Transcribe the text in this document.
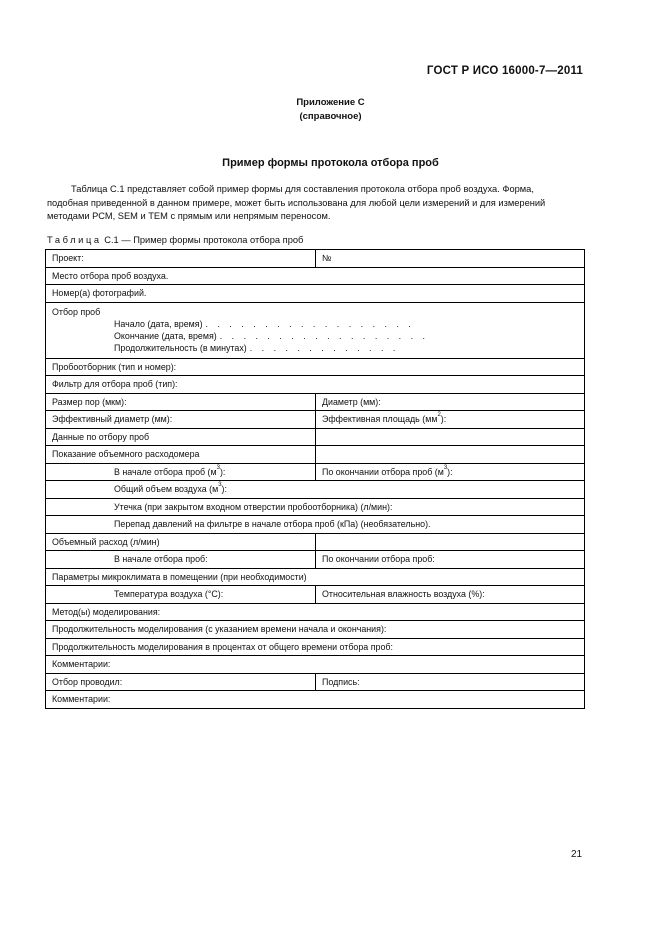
ГОСТ Р ИСО 16000-7—2011
Приложение С
(справочное)
Пример формы протокола отбора проб
Таблица С.1 представляет собой пример формы для составления протокола отбора проб воздуха. Форма,
подобная приведенной в данном примере, может быть использована для любой цели измерений и для измерений
методами РСМ, SEM и ТЕМ с прямым или непрямым переносом.
Таблица С.1 — Пример формы протокола отбора проб
Проект:	№
Место отбора проб воздуха.	
Номер(а) фотографий.	

Отбор проб
Начало (дата, время) . . . . . . . . . . . . . . . . . .
Окончание (дата, время) . . . . . . . . . . . . . . . . . .
Продолжительность (в минутах) . . . . . . . . . . . . .	

Пробоотборник (тип и номер):	
Фильтр для отбора проб (тип):	
Размер пор (мкм):	Диаметр (мм):
Эффективный диаметр (мм):	Эффективная площадь $(мм^2)$:
Данные по отбору проб	
Показание объемного расходомера	
В начале отбора проб $(м^3)$:	По окончании отбора проб $(м^3)$:
Общий объем воздуха $(м^3)$:	
Утечка (при закрытом входном отверстии пробоотборника) (л/мин):	
Перепад давлений на фильтре в начале отбора проб (кПа) (необязательно).	
Объемный расход (л/мин)	
В начале отбора проб:	По окончании отбора проб:
Параметры микроклимата в помещении (при необходимости)	
Температура воздуха (°С):	Относительная влажность воздуха (%):
Метод(ы) моделирования:	
Продолжительность моделирования (с указанием времени начала и окончания):	
Продолжительность моделирования в процентах от общего времени отбора проб:	
Комментарии:	
Отбор проводил:	Подпись:
Комментарии:	
21
